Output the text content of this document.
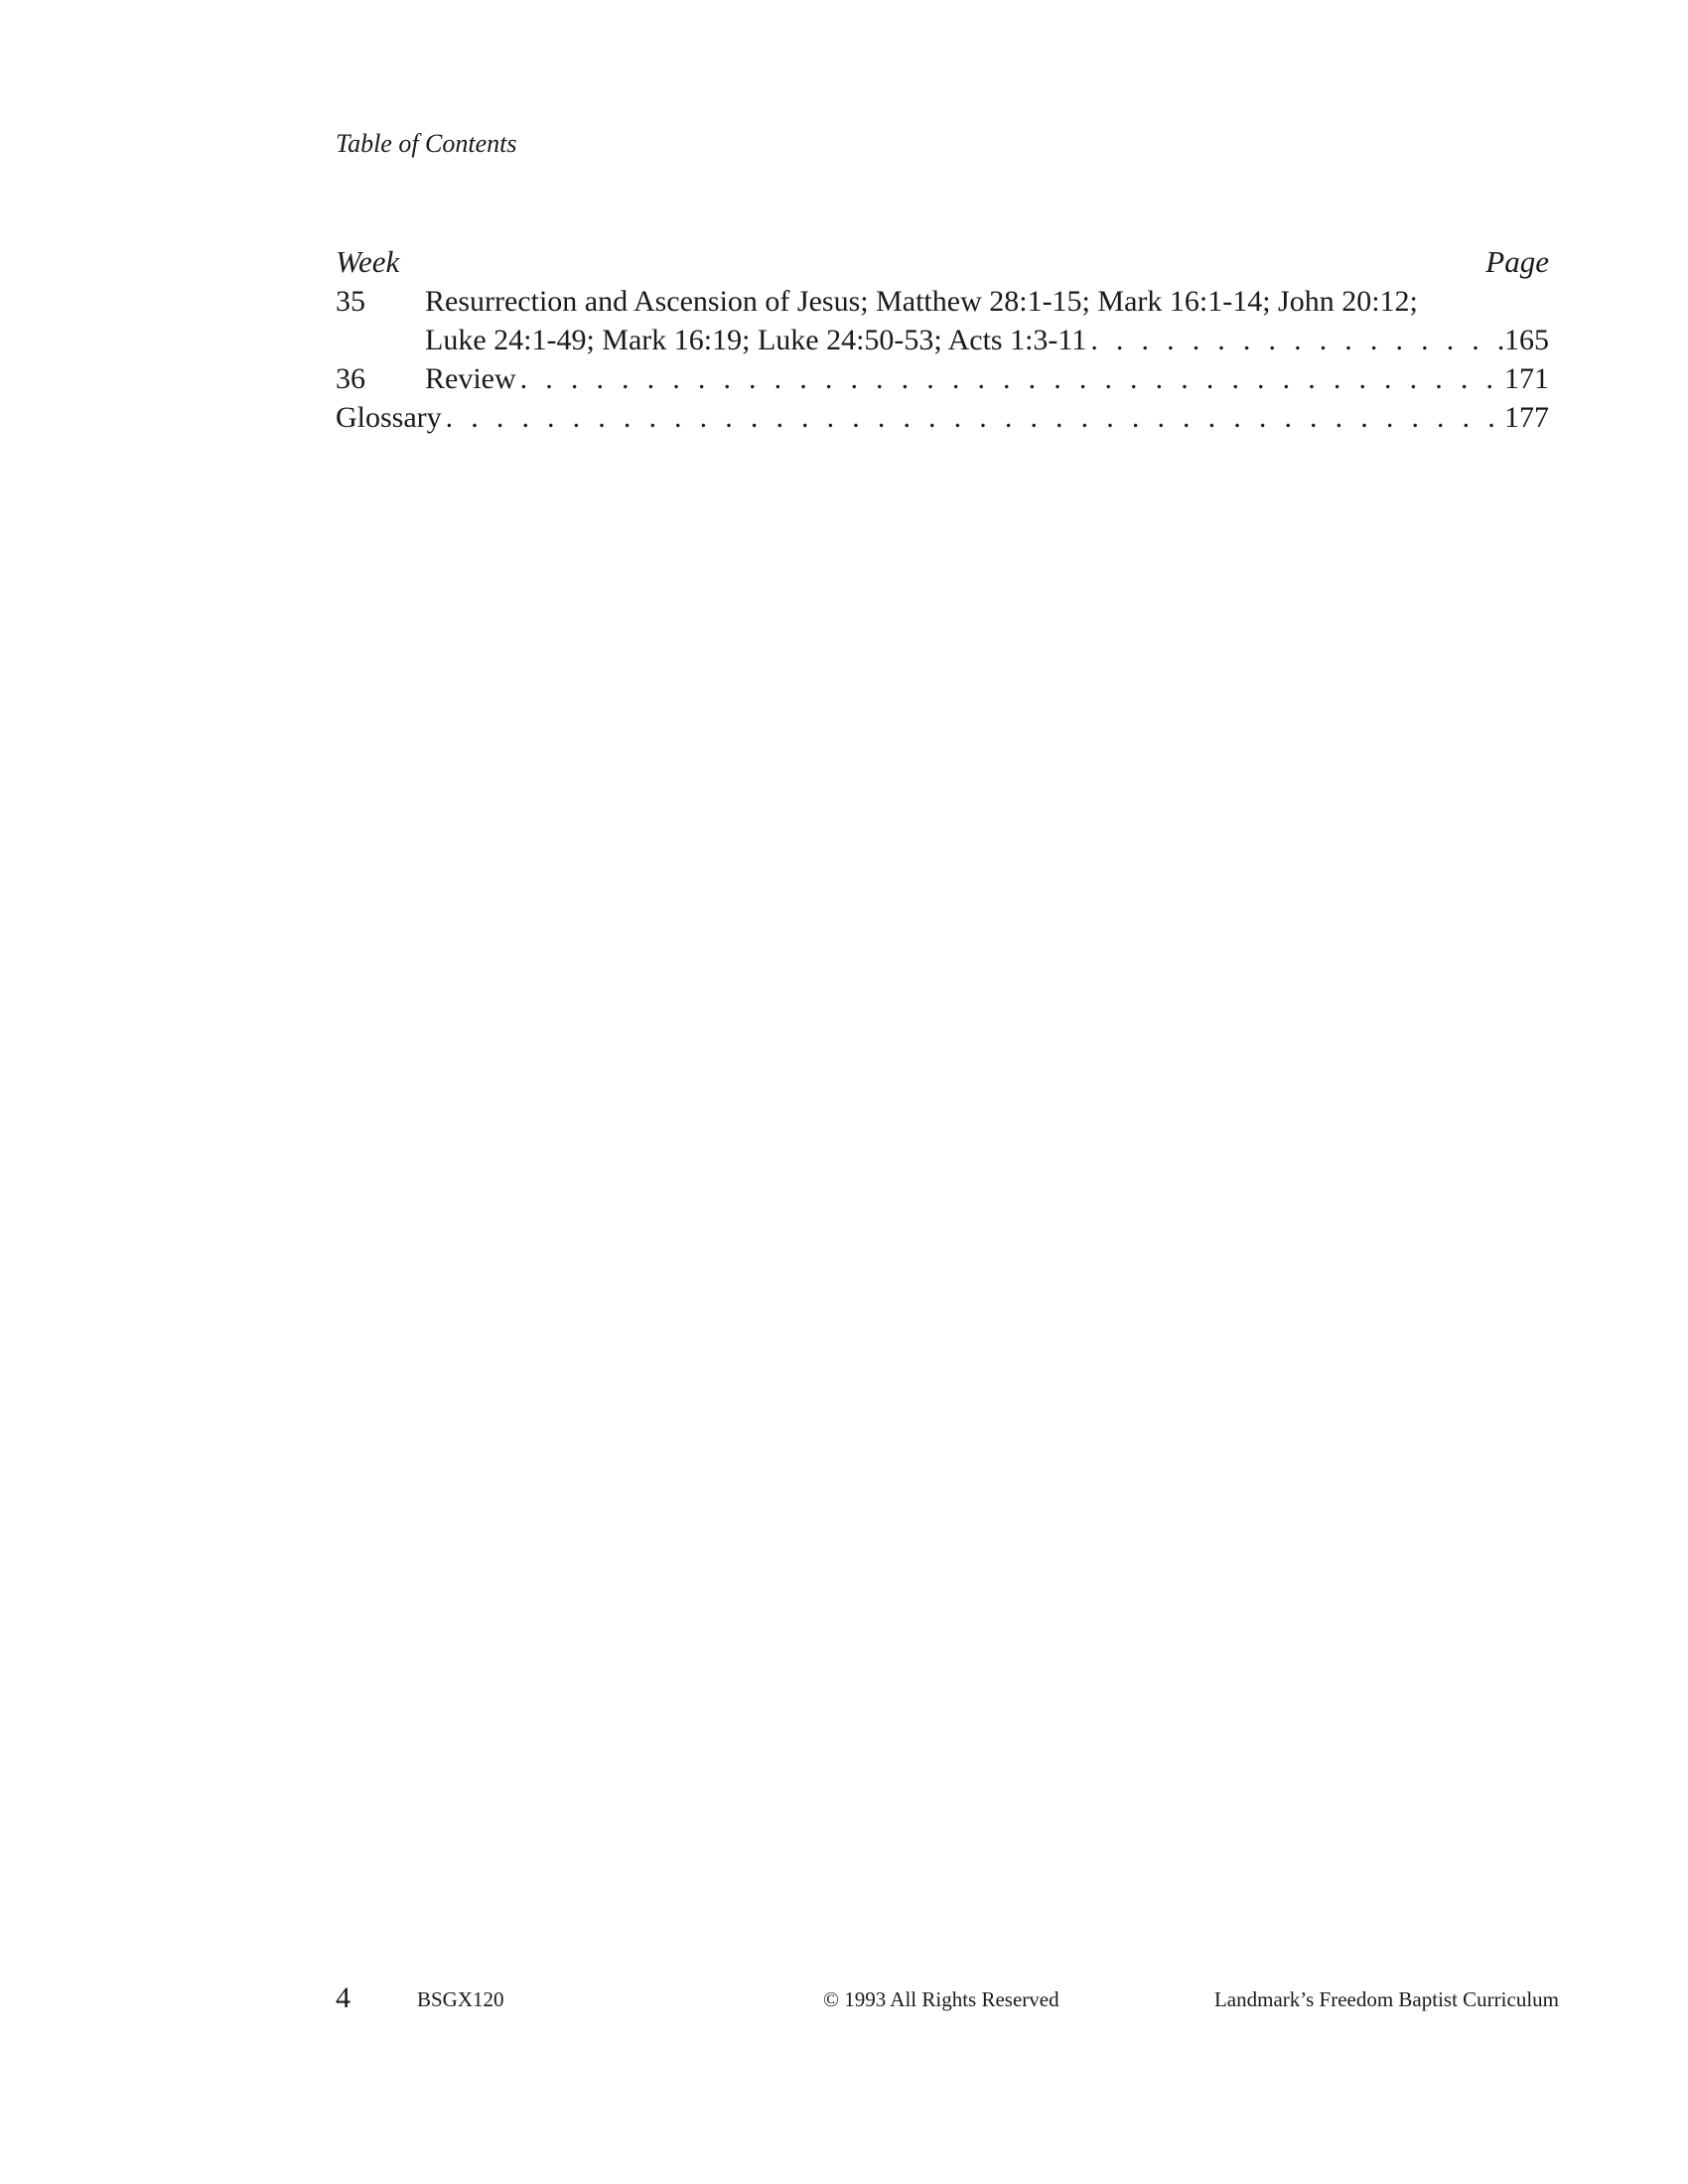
Table of Contents
Week	Page
35	Resurrection and Ascension of Jesus; Matthew 28:1-15; Mark 16:1-14; John 20:12;
Luke 24:1-49; Mark 16:19; Luke 24:50-53; Acts 1:3-11 . . .	165
36	Review . . .	171
Glossary . . .	177
4	BSGX120	© 1993 All Rights Reserved	Landmark’s Freedom Baptist Curriculum
